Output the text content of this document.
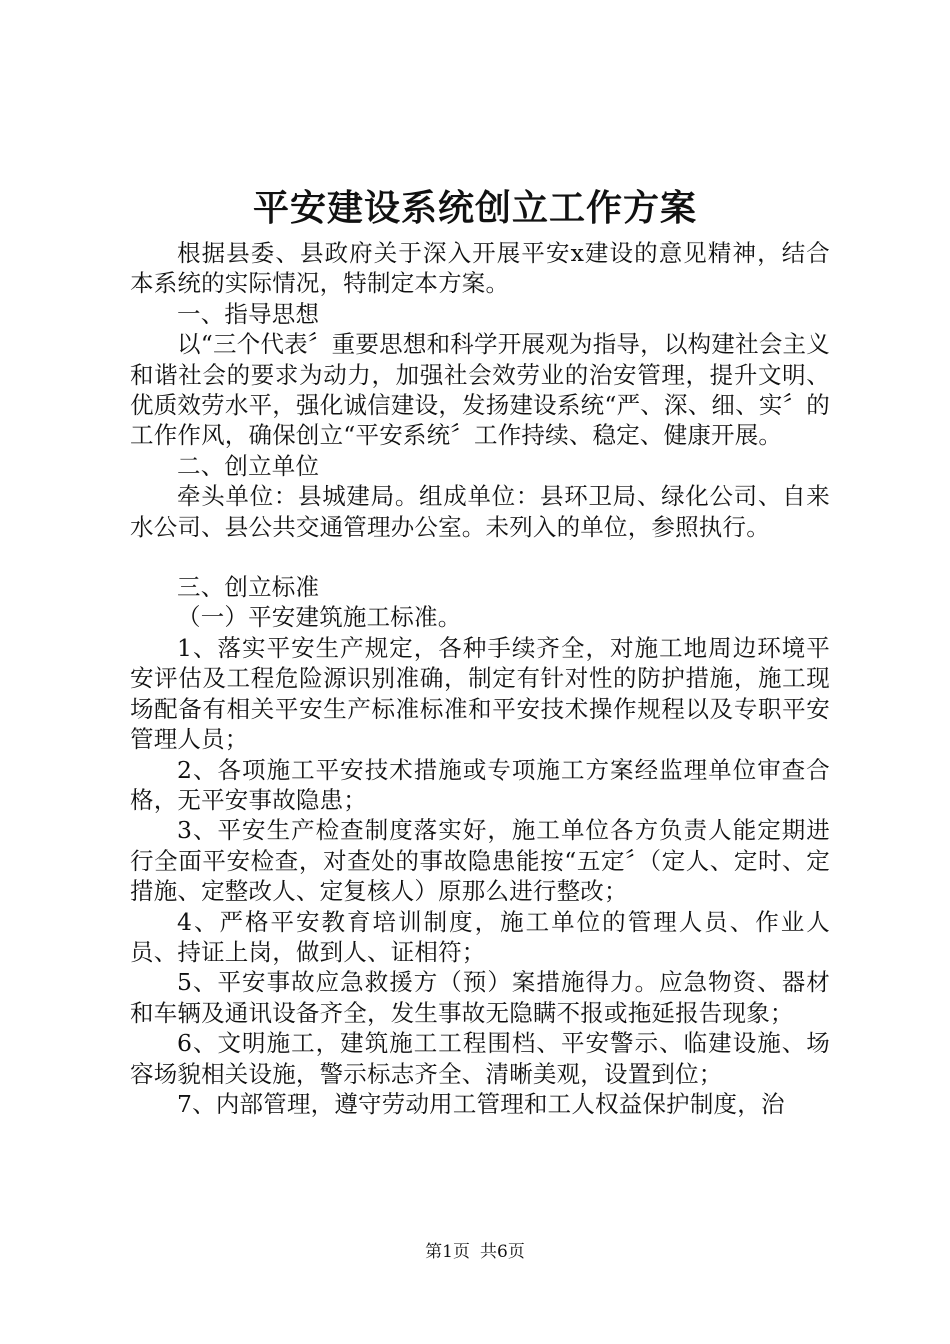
平安建设系统创立工作方案

根据县委、县政府关于深入开展平安x建设的意见精神，结合本系统的实际情况，特制定本方案。

一、指导思想

以“三个代表〞重要思想和科学开展观为指导，以构建社会主义和谐社会的要求为动力，加强社会效劳业的治安管理，提升文明、优质效劳水平，强化诚信建设，发扬建设系统“严、深、细、实〞的工作作风，确保创立“平安系统〞工作持续、稳定、健康开展。

二、创立单位

牵头单位：县城建局。组成单位：县环卫局、绿化公司、自来水公司、县公共交通管理办公室。未列入的单位，参照执行。

三、创立标准

（一）平安建筑施工标准。

1、落实平安生产规定，各种手续齐全，对施工地周边环境平安评估及工程危险源识别准确，制定有针对性的防护措施，施工现场配备有相关平安生产标准标准和平安技术操作规程以及专职平安管理人员；

2、各项施工平安技术措施或专项施工方案经监理单位审查合格，无平安事故隐患；

3、平安生产检查制度落实好，施工单位各方负责人能定期进行全面平安检查，对查处的事故隐患能按“五定〞（定人、定时、定措施、定整改人、定复核人）原那么进行整改；

4、严格平安教育培训制度，施工单位的管理人员、作业人员、持证上岗，做到人、证相符；

5、平安事故应急救援方（预）案措施得力。应急物资、器材和车辆及通讯设备齐全，发生事故无隐瞒不报或拖延报告现象；

6、文明施工，建筑施工工程围档、平安警示、临建设施、场容场貌相关设施，警示标志齐全、清晰美观，设置到位；

7、内部管理，遵守劳动用工管理和工人权益保护制度，治

第1页 共6页
